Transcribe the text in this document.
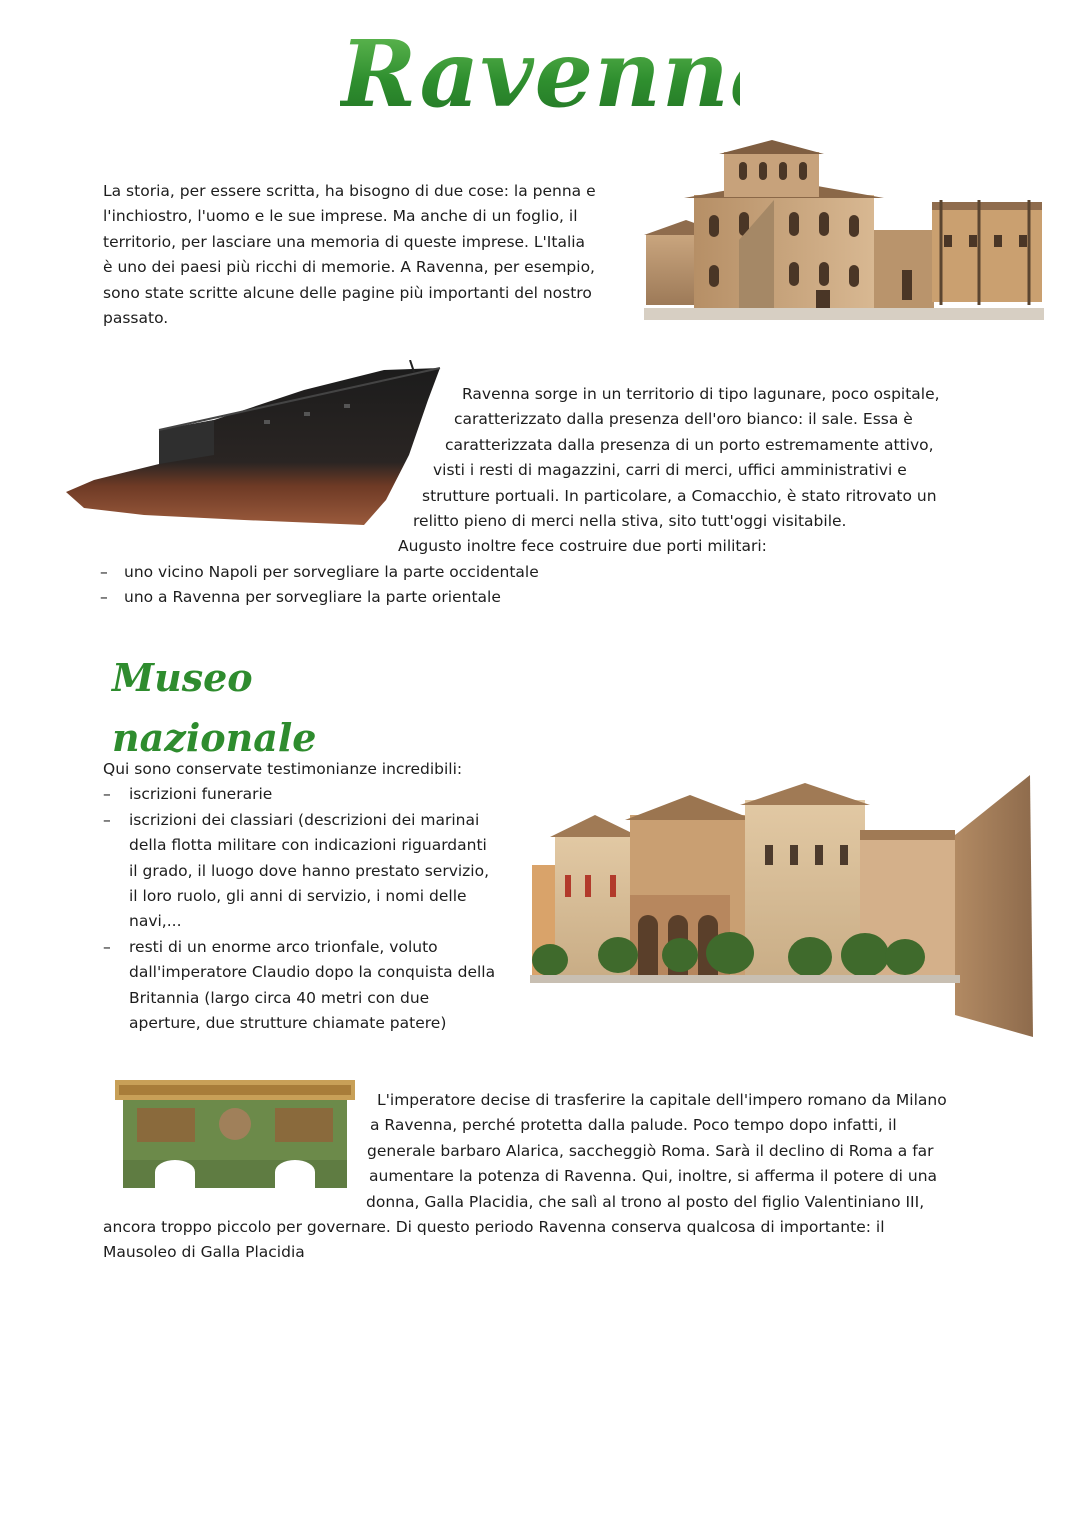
Ravenna
La storia, per essere scritta, ha bisogno di due cose: la penna e
l'inchiostro, l'uomo e le sue imprese. Ma anche di un foglio, il
territorio, per lasciare una memoria di queste imprese. L'Italia
è uno dei paesi più ricchi di memorie. A Ravenna, per esempio,
sono state scritte alcune delle pagine più importanti del nostro
passato.
Ravenna sorge in un territorio di tipo lagunare, poco ospitale,
caratterizzato dalla presenza dell'oro bianco: il sale. Essa è
caratterizzata dalla presenza di un porto estremamente attivo,
visti i resti di magazzini, carri di merci, uffici amministrativi e
strutture portuali. In particolare, a Comacchio, è stato ritrovato un
relitto pieno di merci nella stiva, sito tutt'oggi visitabile.
Augusto inoltre fece costruire due porti militari:
– uno vicino Napoli per sorvegliare la parte occidentale
– uno a Ravenna per sorvegliare la parte orientale
Museo nazionale
Qui sono conservate testimonianze incredibili:
– iscrizioni funerarie
– iscrizioni dei classiari (descrizioni dei marinai
della flotta militare con indicazioni riguardanti
il grado, il luogo dove hanno prestato servizio,
il loro ruolo, gli anni di servizio, i nomi delle
navi,...
– resti di un enorme arco trionfale, voluto
dall'imperatore Claudio dopo la conquista della
Britannia (largo circa 40 metri con due
aperture, due strutture chiamate patere)
L'imperatore decise di trasferire la capitale dell'impero romano da Milano
a Ravenna, perché protetta dalla palude. Poco tempo dopo infatti, il
generale barbaro Alarica, saccheggiò Roma. Sarà il declino di Roma a far
aumentare la potenza di Ravenna. Qui, inoltre, si afferma il potere di una
donna, Galla Placidia, che salì al trono al posto del figlio Valentiniano III,
ancora troppo piccolo per governare. Di questo periodo Ravenna conserva qualcosa di importante: il
Mausoleo di Galla Placidia
